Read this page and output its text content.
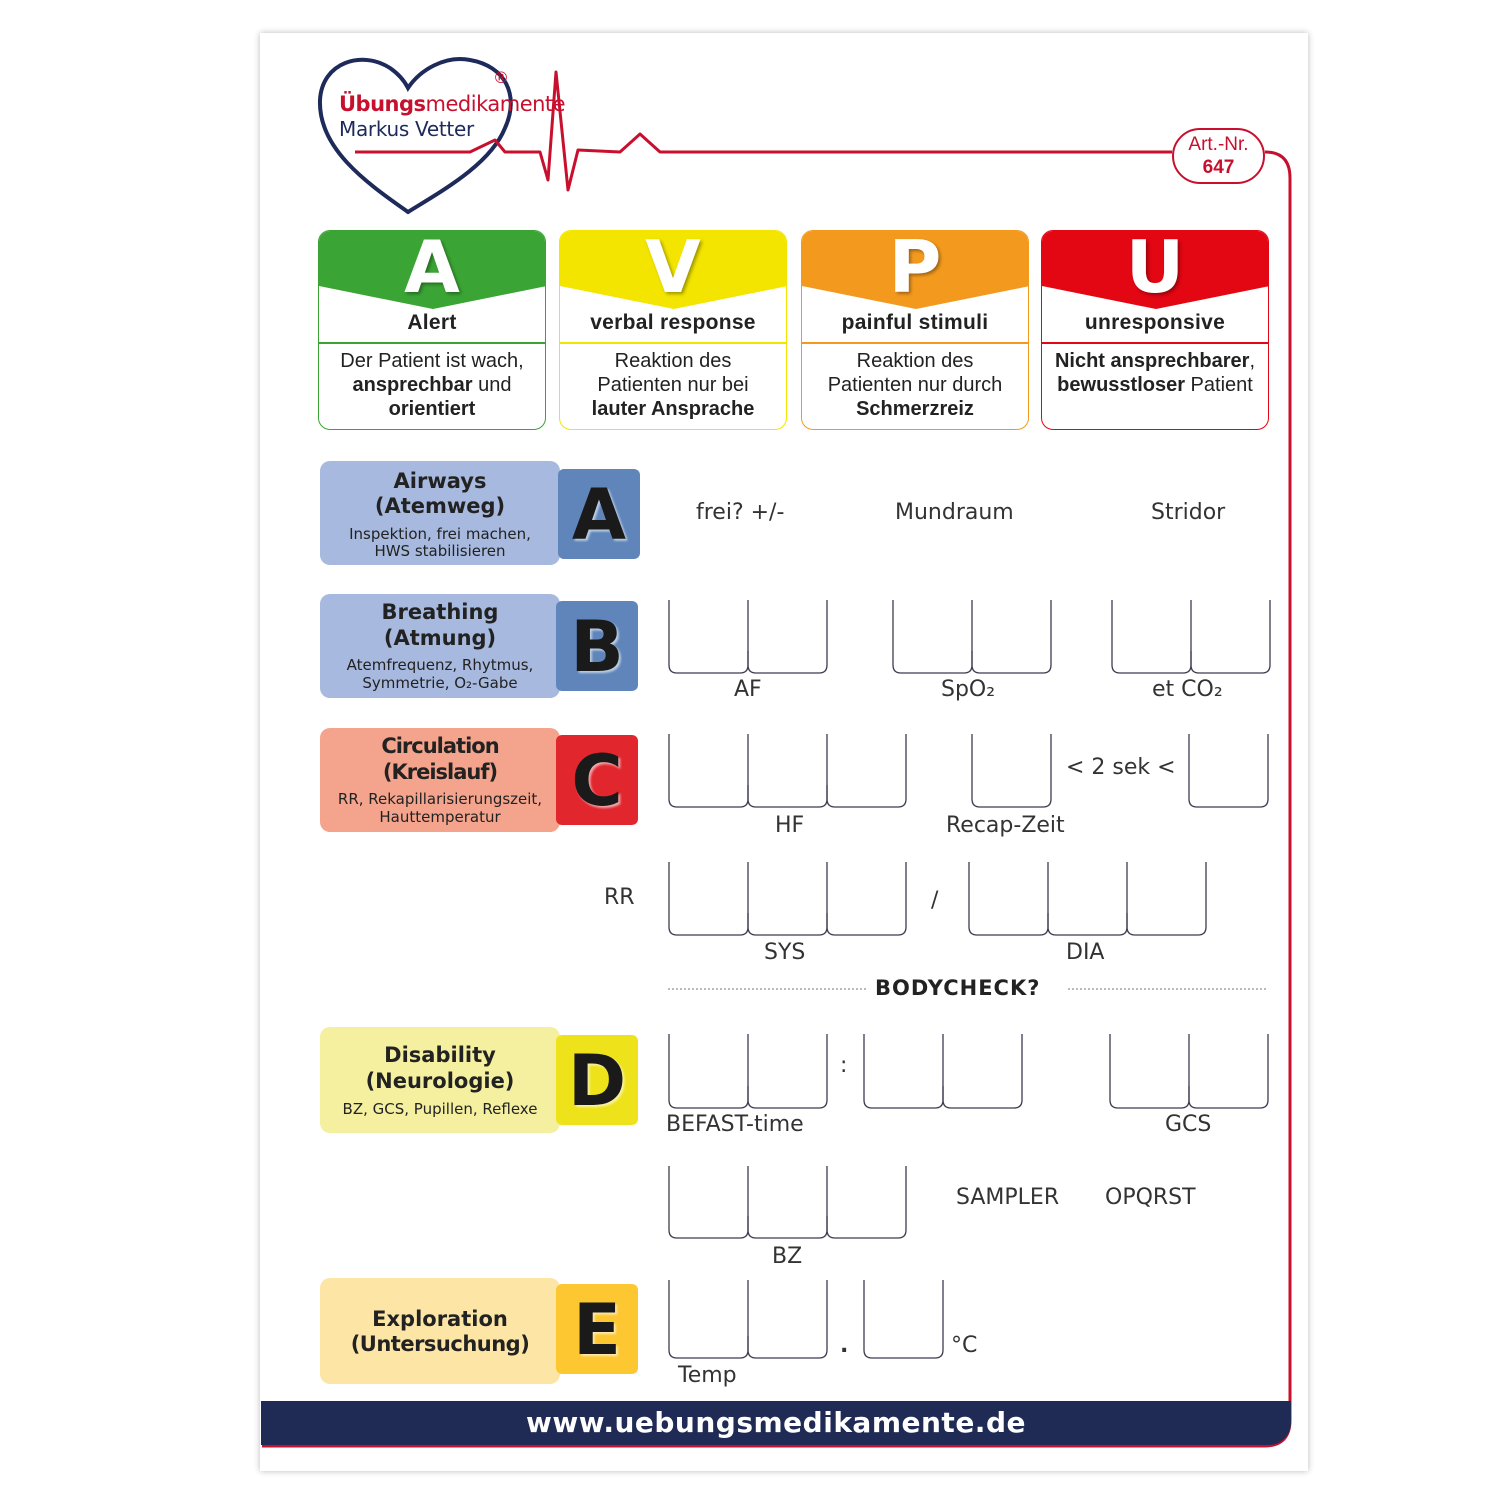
Übungsmedikamente
Markus Vetter
®
Art.-Nr.
647
A
Alert
Der Patient ist wach,
ansprechbar und
orientiert
V
verbal response
Reaktion des
Patienten nur bei
lauter Ansprache
P
painful stimuli
Reaktion des
Patienten nur durch
Schmerzreiz
U
unresponsive
Nicht ansprechbarer,
bewusstloser Patient
Airways
(Atemweg)
Inspektion, frei machen,
HWS stabilisieren A
Breathing
(Atmung)
Atemfrequenz, Rhytmus,
Symmetrie, O₂-Gabe B
Circulation
(Kreislauf)
RR, Rekapillarisierungszeit,
Hauttemperatur	C
Disability
(Neurologie)
BZ, GCS, Pupillen, Reflexe D
Exploration
(Untersuchung) E
frei? +/-	Mundraum	Stridor
AF	SpO₂	et CO₂
HF	Recap-Zeit
< 2 sek <
RR	/
SYS	DIA
BODYCHECK?
:
BEFAST-time	GCS
SAMPLER OPQRST
BZ
.	°C
Temp
www.uebungsmedikamente.de
